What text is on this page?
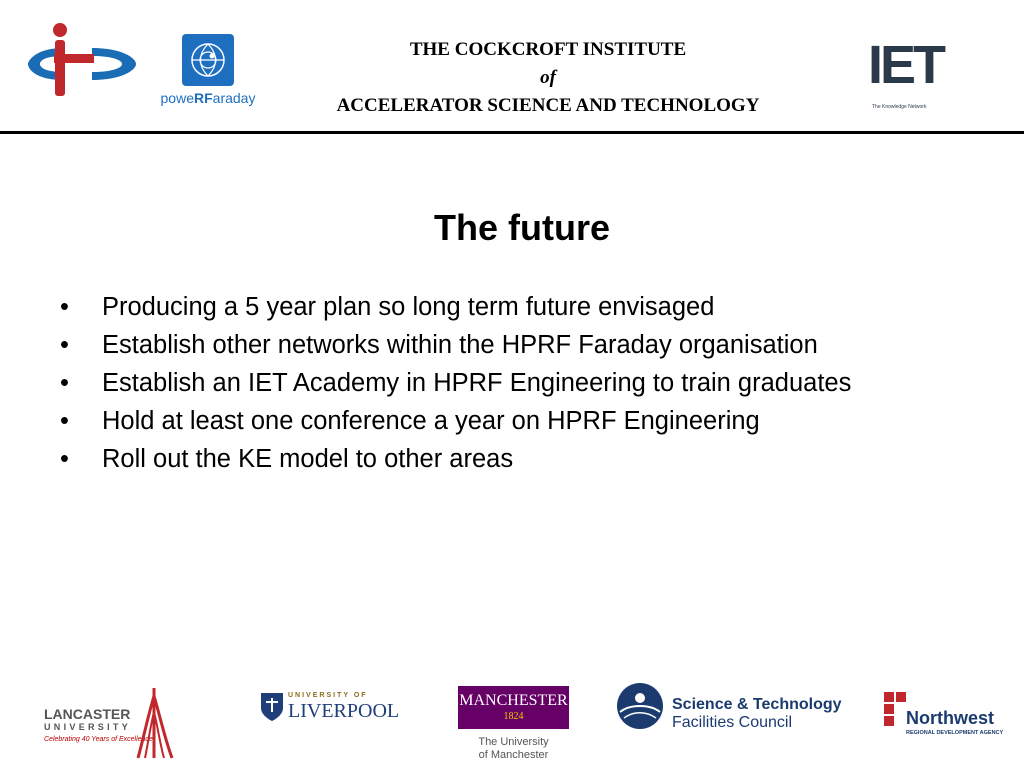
poweRFaraday
THE COCKCROFT INSTITUTE
of
ACCELERATOR SCIENCE AND TECHNOLOGY
IET
The Knowledge Network
The future
• Producing a 5 year plan so long term future envisaged
• Establish other networks within the HPRF Faraday organisation
• Establish an IET Academy in HPRF Engineering to train graduates
• Hold at least one conference a year on HPRF Engineering
• Roll out the KE model to other areas
LANCASTER
UNIVERSITY
Celebrating 40 Years of Excellence
UNIVERSITY OF
LIVERPOOL	MANCHESTER
1824
The University
of Manchester
Science & Technology
Facilities Council	Northwest
REGIONAL DEVELOPMENT AGENCY
